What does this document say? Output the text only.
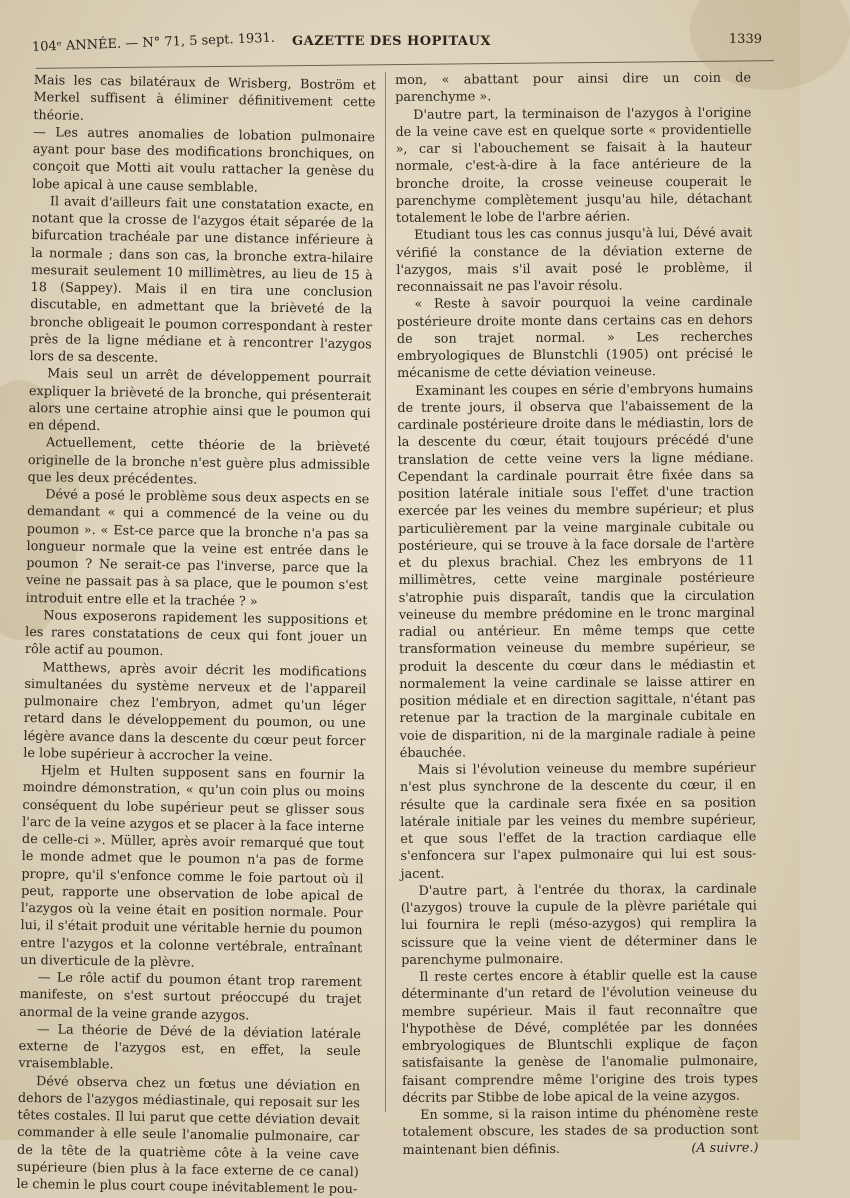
104ᵉ ANNÉE. — N° 71, 5 sept. 1931. GAZETTE DES HOPITAUX	1339

Mais les cas bilatéraux de Wrisberg, Boström et Merkel suffisent à éliminer définitivement cette théorie.

— Les autres anomalies de lobation pulmonaire ayant pour base des modifications bronchiques, on conçoit que Motti ait voulu rattacher la genèse du lobe apical à une cause semblable.

Il avait d'ailleurs fait une constatation exacte, en notant que la crosse de l'azygos était séparée de la bifurcation trachéale par une distance inférieure à la normale ; dans son cas, la bronche extra-hilaire mesurait seulement 10 millimètres, au lieu de 15 à 18 (Sappey). Mais il en tira une conclusion discutable, en admettant que la brièveté de la bronche obligeait le poumon correspondant à rester près de la ligne médiane et à rencontrer l'azygos lors de sa descente.

Mais seul un arrêt de développement pourrait expliquer la brièveté de la bronche, qui présenterait alors une certaine atrophie ainsi que le poumon qui en dépend.

Actuellement, cette théorie de la brièveté originelle de la bronche n'est guère plus admissible que les deux précédentes.

Dévé a posé le problème sous deux aspects en se demandant « qui a commencé de la veine ou du poumon ». « Est-ce parce que la bronche n'a pas sa longueur normale que la veine est entrée dans le poumon ? Ne serait-ce pas l'inverse, parce que la veine ne passait pas à sa place, que le poumon s'est introduit entre elle et la trachée ? »

Nous exposerons rapidement les suppositions et les rares constatations de ceux qui font jouer un rôle actif au poumon.

Matthews, après avoir décrit les modifications simultanées du système nerveux et de l'appareil pulmonaire chez l'embryon, admet qu'un léger retard dans le développement du poumon, ou une légère avance dans la descente du cœur peut forcer le lobe supérieur à accrocher la veine.

Hjelm et Hulten supposent sans en fournir la moindre démonstration, « qu'un coin plus ou moins conséquent du lobe supérieur peut se glisser sous l'arc de la veine azygos et se placer à la face interne de celle-ci ». Müller, après avoir remarqué que tout le monde admet que le poumon n'a pas de forme propre, qu'il s'enfonce comme le foie partout où il peut, rapporte une observation de lobe apical de l'azygos où la veine était en position normale. Pour lui, il s'était produit une véritable hernie du poumon entre l'azygos et la colonne vertébrale, entraînant un diverticule de la plèvre.

— Le rôle actif du poumon étant trop rarement manifeste, on s'est surtout préoccupé du trajet anormal de la veine grande azygos.

— La théorie de Dévé de la déviation latérale externe de l'azygos est, en effet, la seule vraisemblable.

Dévé observa chez un fœtus une déviation en dehors de l'azygos médiastinale, qui reposait sur les têtes costales. Il lui parut que cette déviation devait commander à elle seule l'anomalie pulmonaire, car de la tête de la quatrième côte à la veine cave supérieure (bien plus à la face externe de ce canal) le chemin le plus court coupe inévitablement le pou-

mon, « abattant pour ainsi dire un coin de parenchyme ».

D'autre part, la terminaison de l'azygos à l'origine de la veine cave est en quelque sorte « providentielle », car si l'abouchement se faisait à la hauteur normale, c'est-à-dire à la face antérieure de la bronche droite, la crosse veineuse couperait le parenchyme complètement jusqu'au hile, détachant totalement le lobe de l'arbre aérien.

Etudiant tous les cas connus jusqu'à lui, Dévé avait vérifié la constance de la déviation externe de l'azygos, mais s'il avait posé le problème, il reconnaissait ne pas l'avoir résolu.

« Reste à savoir pourquoi la veine cardinale postérieure droite monte dans certains cas en dehors de son trajet normal. » Les recherches embryologiques de Blunstchli (1905) ont précisé le mécanisme de cette déviation veineuse.

Examinant les coupes en série d'embryons humains de trente jours, il observa que l'abaissement de la cardinale postérieure droite dans le médiastin, lors de la descente du cœur, était toujours précédé d'une translation de cette veine vers la ligne médiane. Cependant la cardinale pourrait être fixée dans sa position latérale initiale sous l'effet d'une traction exercée par les veines du membre supérieur; et plus particulièrement par la veine marginale cubitale ou postérieure, qui se trouve à la face dorsale de l'artère et du plexus brachial. Chez les embryons de 11 millimètres, cette veine marginale postérieure s'atrophie puis disparaît, tandis que la circulation veineuse du membre prédomine en le tronc marginal radial ou antérieur. En même temps que cette transformation veineuse du membre supérieur, se produit la descente du cœur dans le médiastin et normalement la veine cardinale se laisse attirer en position médiale et en direction sagittale, n'étant pas retenue par la traction de la marginale cubitale en voie de disparition, ni de la marginale radiale à peine ébauchée.

Mais si l'évolution veineuse du membre supérieur n'est plus synchrone de la descente du cœur, il en résulte que la cardinale sera fixée en sa position latérale initiale par les veines du membre supérieur, et que sous l'effet de la traction cardiaque elle s'enfoncera sur l'apex pulmonaire qui lui est sous-jacent.

D'autre part, à l'entrée du thorax, la cardinale (l'azygos) trouve la cupule de la plèvre pariétale qui lui fournira le repli (méso-azygos) qui remplira la scissure que la veine vient de déterminer dans le parenchyme pulmonaire.

Il reste certes encore à établir quelle est la cause déterminante d'un retard de l'évolution veineuse du membre supérieur. Mais il faut reconnaître que l'hypothèse de Dévé, complétée par les données embryologiques de Bluntschli explique de façon satisfaisante la genèse de l'anomalie pulmonaire, faisant comprendre même l'origine des trois types décrits par Stibbe de lobe apical de la veine azygos.

En somme, si la raison intime du phénomène reste totalement obscure, les stades de sa production sont maintenant bien définis.	(A suivre.)
